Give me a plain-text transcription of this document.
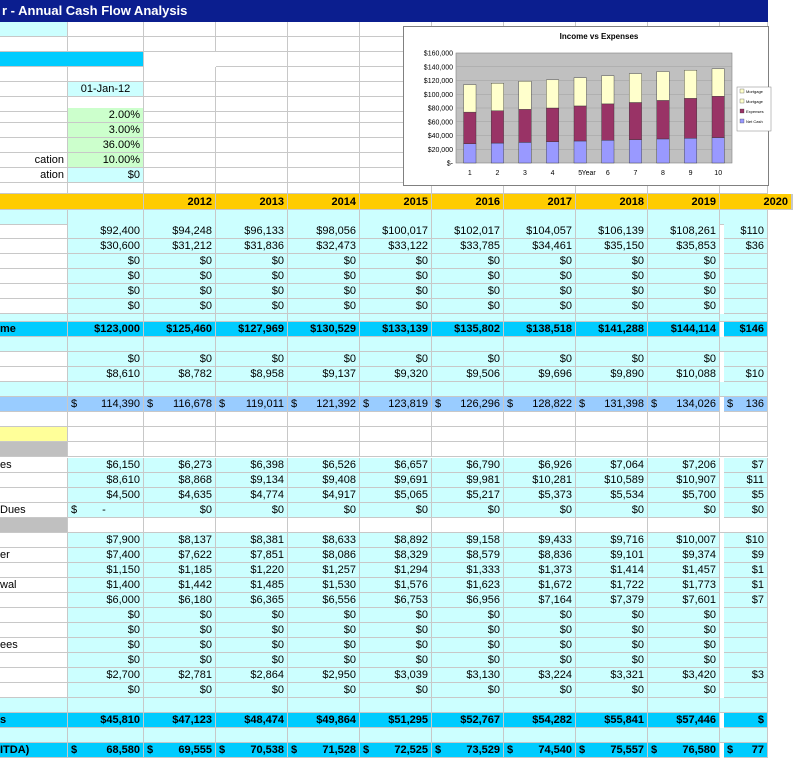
r - Annual Cash Flow Analysis
01-Jan-12
2.00%
3.00%
36.00%
cation	10.00%
ation	$0
2012	2013	2014	2015	2016	2017	2018	2019	2020
$92,400	$94,248	$96,133	$98,056	$100,017	$102,017	$104,057	$106,139	$108,261	$110
$30,600	$31,212	$31,836	$32,473	$33,122	$33,785	$34,461	$35,150	$35,853	$36
$0	$0	$0	$0	$0	$0	$0	$0	$0
$0	$0	$0	$0	$0	$0	$0	$0	$0
$0	$0	$0	$0	$0	$0	$0	$0	$0
$0	$0	$0	$0	$0	$0	$0	$0	$0
me	$123,000	$125,460	$127,969	$130,529	$133,139	$135,802	$138,518	$141,288	$144,114	$146
$0	$0	$0	$0	$0	$0	$0	$0	$0
$8,610	$8,782	$8,958	$9,137	$9,320	$9,506	$9,696	$9,890	$10,088	$10
$ 114,390 $ 116,678 $ 119,011 $ 121,392 $ 123,819 $ 126,296 $ 128,822 $ 131,398 $ 134,026	$ 136
es	$6,150	$6,273	$6,398	$6,526	$6,657	$6,790	$6,926	$7,064	$7,206	$7
$8,610	$8,868	$9,134	$9,408	$9,691	$9,981	$10,281	$10,589	$10,907	$11
$4,500	$4,635	$4,774	$4,917	$5,065	$5,217	$5,373	$5,534	$5,700	$5
Dues	$ -	$0	$0	$0	$0	$0	$0	$0	$0	$0
$7,900	$8,137	$8,381	$8,633	$8,892	$9,158	$9,433	$9,716	$10,007	$10
er	$7,400	$7,622	$7,851	$8,086	$8,329	$8,579	$8,836	$9,101	$9,374	$9
$1,150	$1,185	$1,220	$1,257	$1,294	$1,333	$1,373	$1,414	$1,457	$1
wal	$1,400	$1,442	$1,485	$1,530	$1,576	$1,623	$1,672	$1,722	$1,773	$1
$6,000	$6,180	$6,365	$6,556	$6,753	$6,956	$7,164	$7,379	$7,601	$7
$0	$0	$0	$0	$0	$0	$0	$0	$0
$0	$0	$0	$0	$0	$0	$0	$0	$0
ees	$0	$0	$0	$0	$0	$0	$0	$0	$0
$0	$0	$0	$0	$0	$0	$0	$0	$0
$2,700	$2,781	$2,864	$2,950	$3,039	$3,130	$3,224	$3,321	$3,420	$3
$0	$0	$0	$0	$0	$0	$0	$0	$0
s	$45,810	$47,123	$48,474	$49,864	$51,295	$52,767	$54,282	$55,841	$57,446	$
ITDA)	$	68,580 $ 69,555 $ 70,538 $ 71,528 $ 72,525 $ 73,529 $ 74,540 $ 75,557 $ 76,580	$ 77
Income vs Expenses
$160,000
$140,000
$120,000
$100,000
$80,000
$60,000
$40,000
$20,000
$-
1	2	3	4	5	6	7	8	9	10
Year
Mortgage
Mortgage
Expenses
Net Cash
